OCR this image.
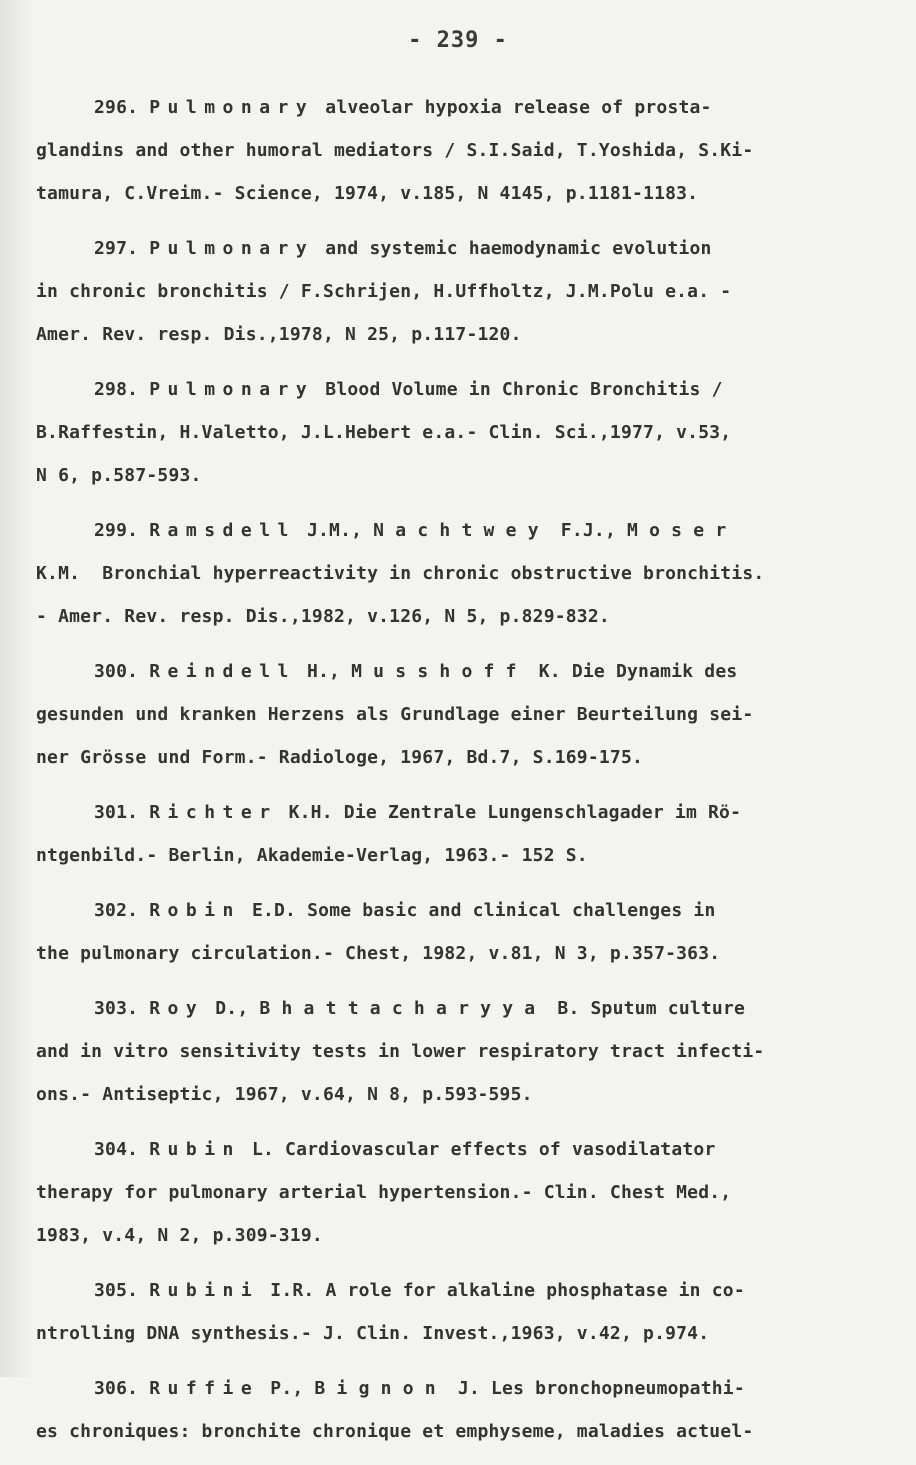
- 239 -
296. Pulmonary alveolar hypoxia release of prosta-
glandins and other humoral mediators / S.I.Said, T.Yoshida, S.Ki-
tamura, C.Vreim.- Science, 1974, v.185, N 4145, p.1181-1183.
297. Pulmonary and systemic haemodynamic evolution
in chronic bronchitis / F.Schrijen, H.Uffholtz, J.M.Polu e.a. -
Amer. Rev. resp. Dis.,1978, N 25, p.117-120.
298. Pulmonary Blood Volume in Chronic Bronchitis /
B.Raffestin, H.Valetto, J.L.Hebert e.a.- Clin. Sci.,1977, v.53,
N 6, p.587-593.
299. Ramsdell J.M., N a c h t w e y  F.J., M o s e r
K.M.  Bronchial hyperreactivity in chronic obstructive bronchitis.
- Amer. Rev. resp. Dis.,1982, v.126, N 5, p.829-832.
300. Reindell H., M u s s h o f f  K. Die Dynamik des
gesunden und kranken Herzens als Grundlage einer Beurteilung sei-
ner Grösse und Form.- Radiologe, 1967, Bd.7, S.169-175.
301. Richter K.H. Die Zentrale Lungenschlagader im Rö-
ntgenbild.- Berlin, Akademie-Verlag, 1963.- 152 S.
302. Robin E.D. Some basic and clinical challenges in
the pulmonary circulation.- Chest, 1982, v.81, N 3, p.357-363.
303. Roy D., B h a t t a c h a r y y a  B. Sputum culture
and in vitro sensitivity tests in lower respiratory tract infecti-
ons.- Antiseptic, 1967, v.64, N 8, p.593-595.
304. Rubin L. Cardiovascular effects of vasodilatator
therapy for pulmonary arterial hypertension.- Clin. Chest Med.,
1983, v.4, N 2, p.309-319.
305. Rubini I.R. A role for alkaline phosphatase in co-
ntrolling DNA synthesis.- J. Clin. Invest.,1963, v.42, p.974.
306. Ruffie P., B i g n o n  J. Les bronchopneumopathi-
es chroniques: bronchite chronique et emphyseme, maladies actuel-
